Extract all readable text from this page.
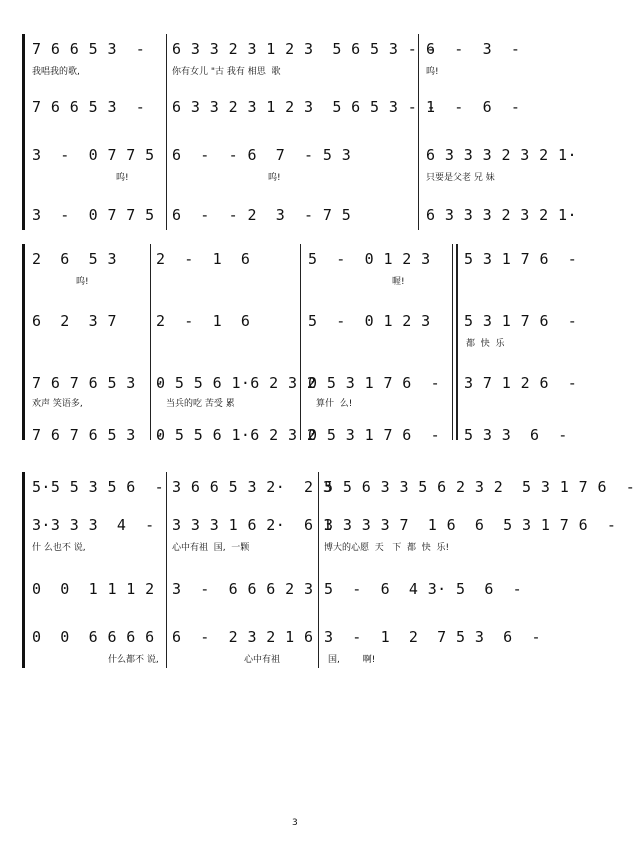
7 6 6 5 3  - 6 3 3 2 3 1 2 3  5 6 5 3 - -
6  -  3  -
我唱我的歌,	你有女儿 "古 我有 相思  歌	呜!
7 6 6 5 3  - 6 3 3 2 3 1 2 3  5 6 5 3 - -
1  -  6  -
3  -  0 7 7 5 6  -  - 6  7  - 5 3	6 3 3 3 2 3 2 1·
呜!	呜!	只要是父老 兄 妹
3  -  0 7 7 5 6  -  - 2  3  - 7 5	6 3 3 3 2 3 2 1·
2  6  5 3	2  -  1  6	5  -  0 1 2 3 5 3 1 7 6  -
呜!	喔!
6  2  3 7	2  -  1  6	5  -  0 1 2 3 5 3 1 7 6  -
都  快  乐
7 6 7 6 5 3  -
0 5 5 6 1·6 2 3 2
0 5 3 1 7 6  - 3 7 1 2 6  -
欢声 笑语多,	当兵的吃 苦受 累	算什  么!
7 6 7 6 5 3  -
0 5 5 6 1·6 2 3 2
0 5 3 1 7 6  - 5 3 3  6  -
5·5 5 3 5 6  - 3 6 6 5 3 2·  2 3
5 5 6 3 3 5 6 2 3 2  5 3 1 7 6  -
3·3 3 3  4  - 3 3 3 1 6 2·  6 1
3 3 3 3 7  1 6  6  5 3 1 7 6  -
什 么也不 说,	心中有祖  国,  一颗	博大的心愿  天   下  都  快  乐!
0  0  1 1 1 2 3  -  6 6 6 2 3 5  -  6  4 3· 5  6  -
0  0  6 6 6 6 6  -  2 3 2 1 6 3  -  1  2  7 5 3  6  -
什么都不 说,	心中有祖	国,        啊!
3
